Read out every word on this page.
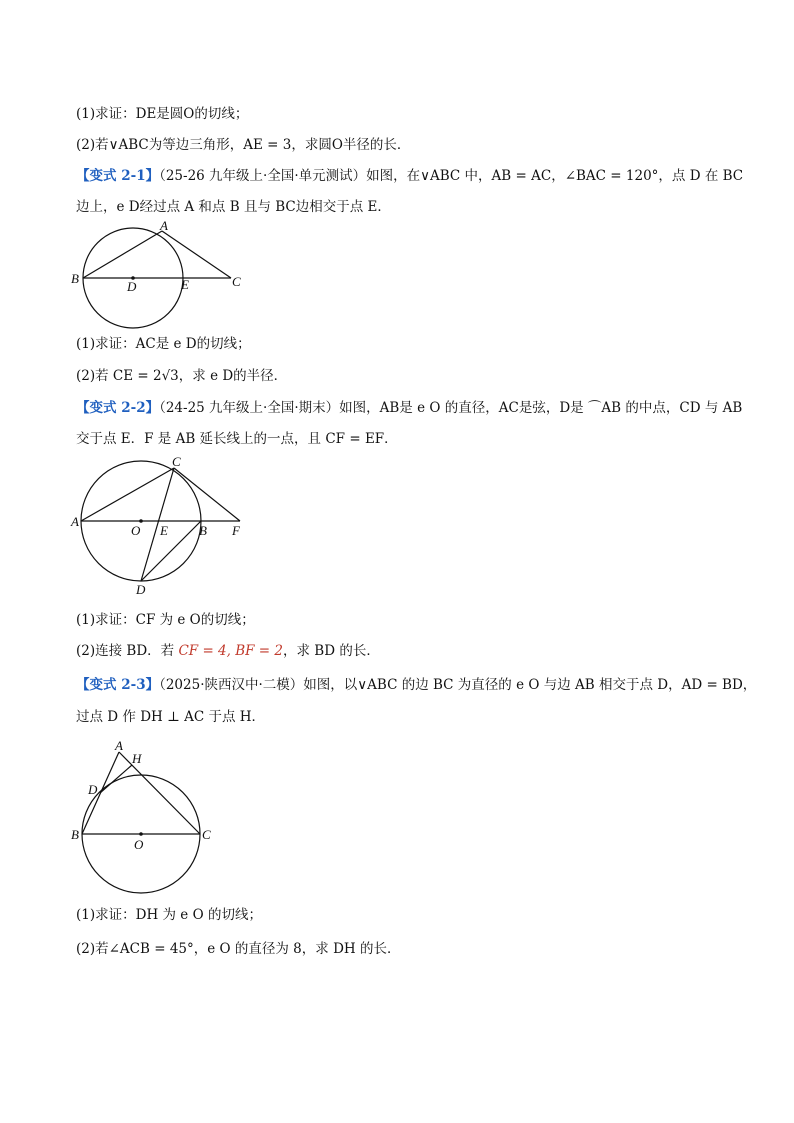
(1)求证：DE是圆O的切线；
(2)若∨ABC为等边三角形，AE = 3，求圆O半径的长．
【变式 2-1】（25-26 九年级上·全国·单元测试）如图，在∨ABC 中，AB = AC，∠BAC = 120°，点 D 在 BC
边上，e D经过点 A 和点 B 且与 BC边相交于点 E．
A
B	C
D	E
(1)求证：AC是 e D的切线；
(2)若 CE = 2√3，求 e D的半径．
【变式 2-2】（24-25 九年级上·全国·期末）如图，AB是 e O 的直径，AC是弦，D是 ⌒AB 的中点，CD 与 AB
交于点 E．F 是 AB 延长线上的一点，且 CF = EF．
C
A
O E B F
D
(1)求证：CF 为 e O的切线；
(2)连接 BD．若 CF = 4, BF = 2，求 BD 的长．
【变式 2-3】（2025·陕西汉中·二模）如图，以∨ABC 的边 BC 为直径的 e O 与边 AB 相交于点 D，AD = BD，
过点 D 作 DH ⊥ AC 于点 H．
A
H
D
B	C
O
(1)求证：DH 为 e O 的切线；
(2)若∠ACB = 45°，e O 的直径为 8，求 DH 的长．
